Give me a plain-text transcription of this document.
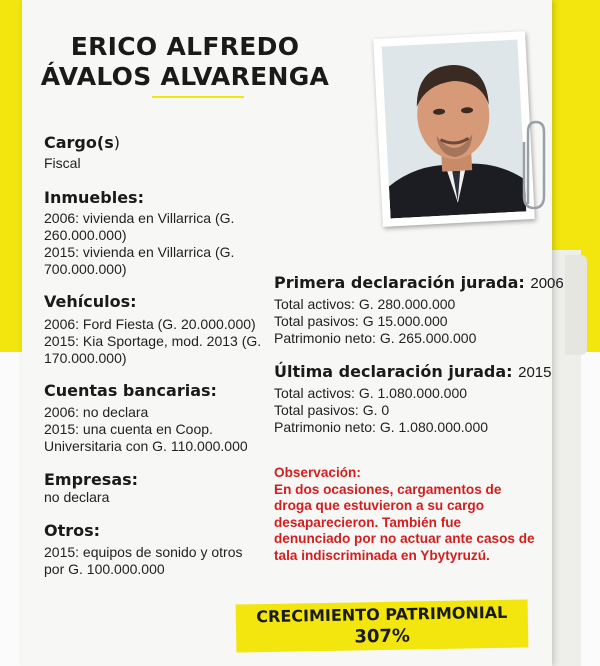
ERICO ALFREDO
ÁVALOS ALVARENGA
Cargo(s)
Fiscal
Inmuebles:
2006: vivienda en Villarrica (G.
260.000.000)
2015: vivienda en Villarrica (G.
700.000.000)
Vehículos:
2006: Ford Fiesta (G. 20.000.000)
2015: Kia Sportage, mod. 2013 (G.
170.000.000)
Cuentas bancarias:
2006: no declara
2015: una cuenta en Coop.
Universitaria con G. 110.000.000
Empresas:
no declara
Otros:
2015: equipos de sonido y otros
por G. 100.000.000
Primera declaración jurada: 2006
Total activos: G. 280.000.000
Total pasivos: G 15.000.000
Patrimonio neto: G. 265.000.000
Última declaración jurada: 2015
Total activos: G. 1.080.000.000
Total pasivos: G. 0
Patrimonio neto: G. 1.080.000.000
Observación:
En dos ocasiones, cargamentos de
droga que estuvieron a su cargo
desaparecieron. También fue
denunciado por no actuar ante casos de
tala indiscriminada en Ybytyruzú.
CRECIMIENTO PATRIMONIAL
307%
